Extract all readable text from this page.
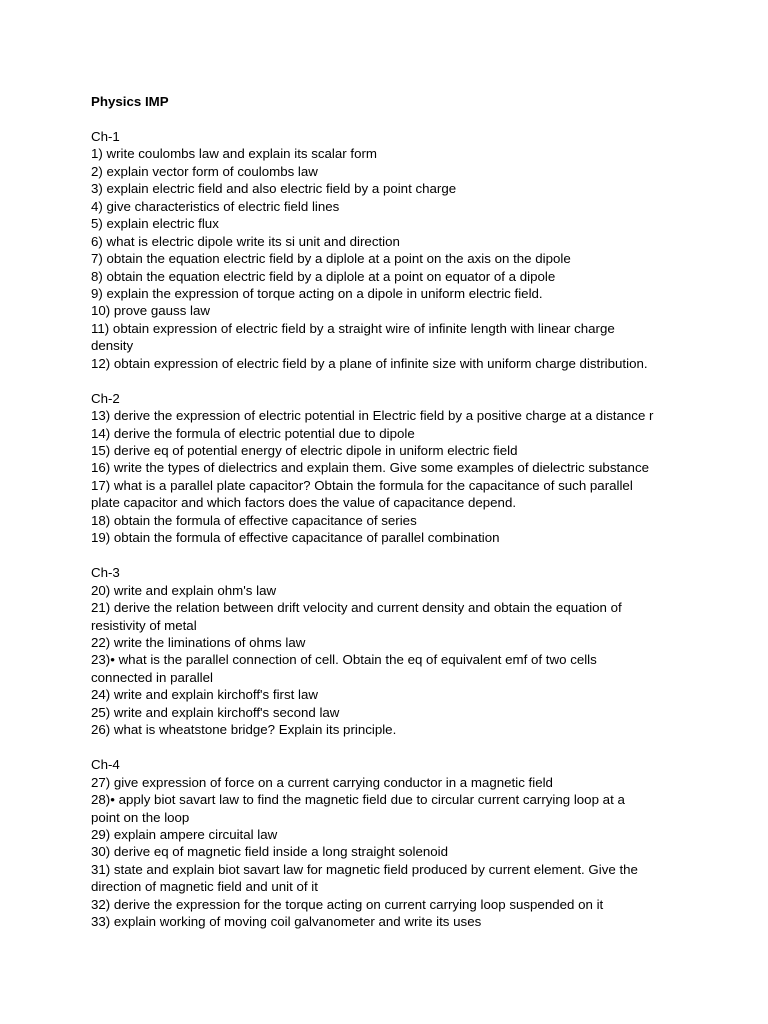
Physics IMP
Ch-1
1) write coulombs law and explain its scalar form
2) explain vector form of coulombs law
3) explain electric field and also electric field by a point charge
4) give characteristics of electric field lines
5) explain electric flux
6) what is electric dipole write its si unit and direction
7) obtain the equation electric field by a diplole at a point on the axis on the dipole
8) obtain the equation electric field by a diplole at a point on equator of a dipole
9) explain the expression of torque acting on a dipole in uniform electric field.
10) prove gauss law
11) obtain expression of electric field by a straight wire of infinite length with linear charge
density
12) obtain expression of electric field by a plane of infinite size with uniform charge distribution.
Ch-2
13) derive the expression of electric potential in Electric field by a positive charge at a distance r
14) derive the formula of electric potential due to dipole
15) derive eq of potential energy of electric dipole in uniform electric field
16) write the types of dielectrics and explain them. Give some examples of dielectric substance
17) what is a parallel plate capacitor? Obtain the formula for the capacitance of such parallel
plate capacitor and which factors does the value of capacitance depend.
18) obtain the formula of effective capacitance of series
19) obtain the formula of effective capacitance of parallel combination
Ch-3
20) write and explain ohm's law
21) derive the relation between drift velocity and current density and obtain the equation of
resistivity of metal
22) write the liminations of ohms law
23)• what is the parallel connection of cell. Obtain the eq of equivalent emf of two cells
connected in parallel
24) write and explain kirchoff's first law
25) write and explain kirchoff's second law
26) what is wheatstone bridge? Explain its principle.
Ch-4
27) give expression of force on a current carrying conductor in a magnetic field
28)• apply biot savart law to find the magnetic field due to circular current carrying loop at a
point on the loop
29) explain ampere circuital law
30) derive eq of magnetic field inside a long straight solenoid
31) state and explain biot savart law for magnetic field produced by current element. Give the
direction of magnetic field and unit of it
32) derive the expression for the torque acting on current carrying loop suspended on it
33) explain working of moving coil galvanometer and write its uses
